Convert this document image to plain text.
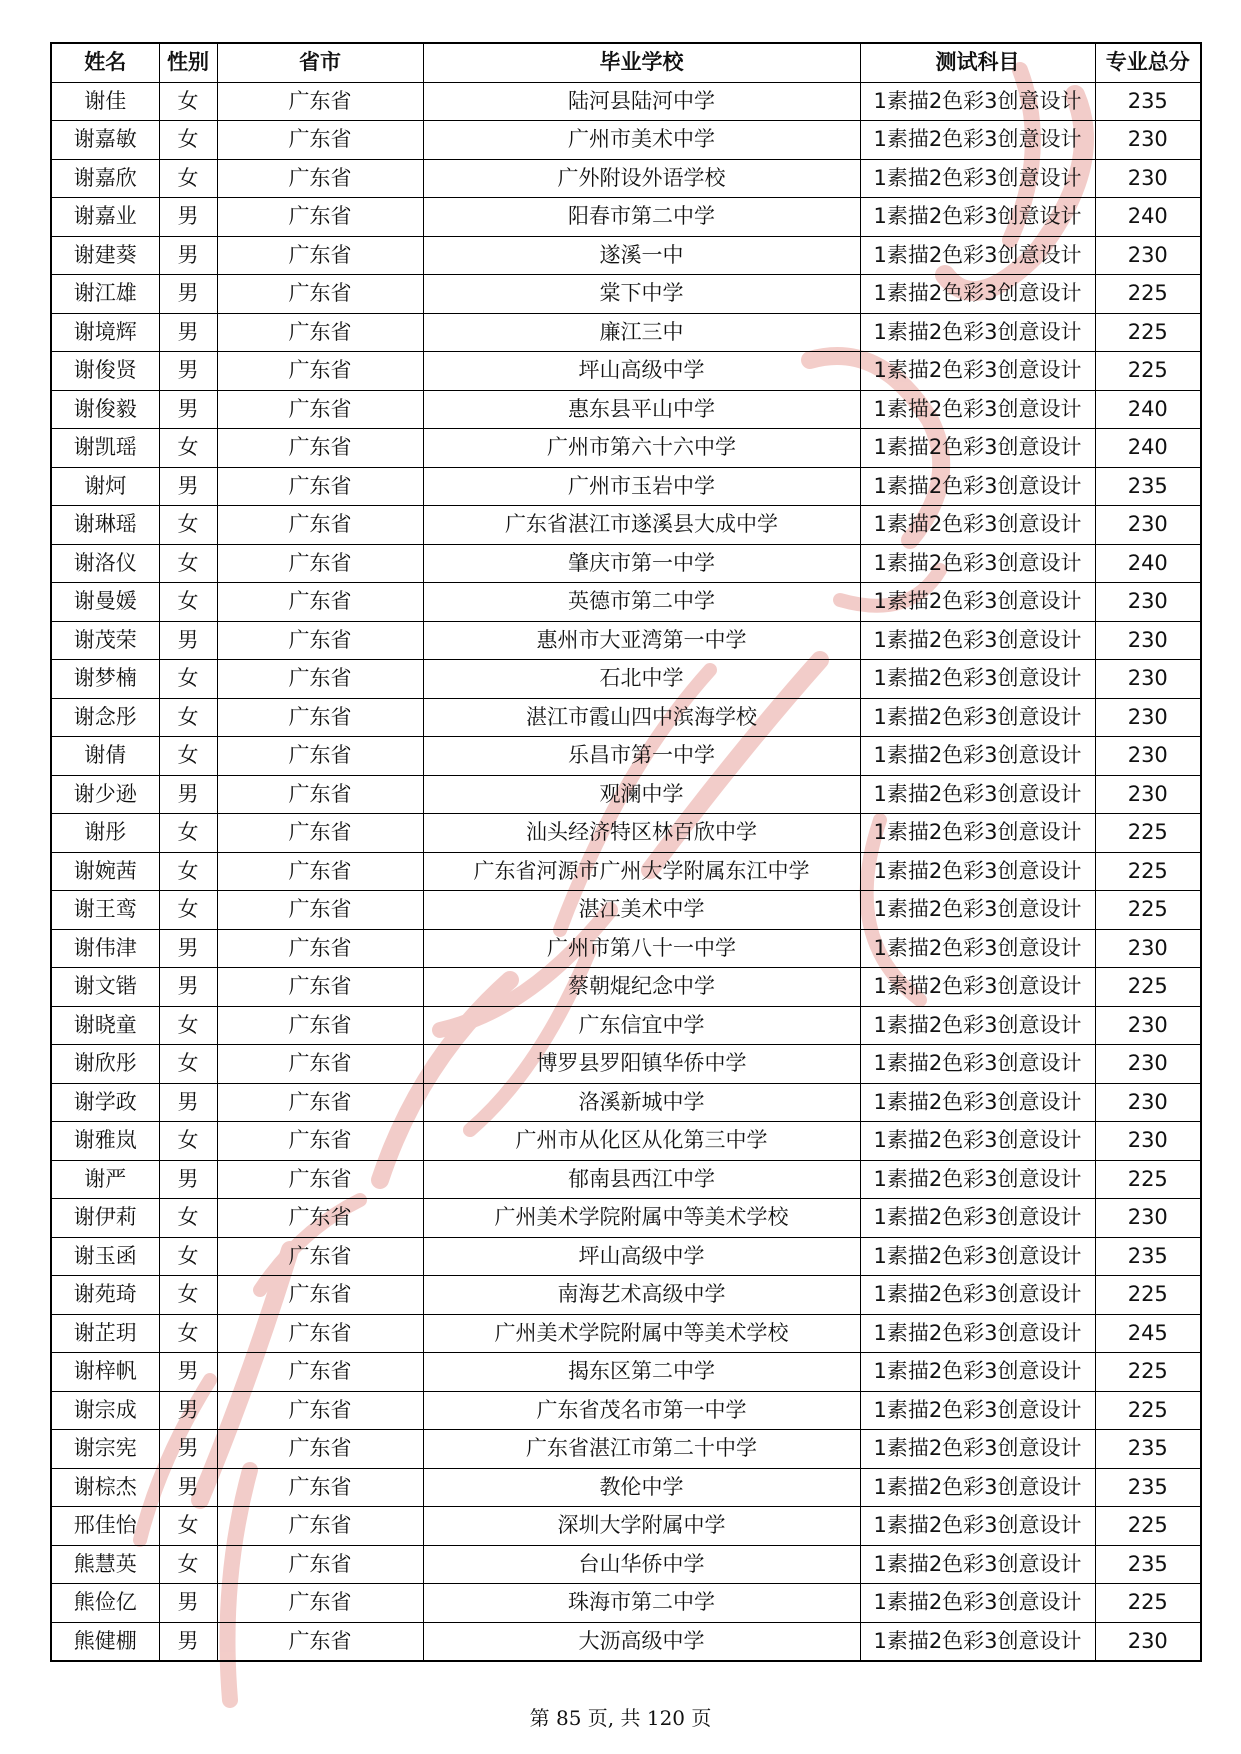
姓名	性别	省市	毕业学校	测试科目	专业总分
谢佳	女	广东省	陆河县陆河中学	1素描2色彩3创意设计	235
谢嘉敏	女	广东省	广州市美术中学	1素描2色彩3创意设计	230
谢嘉欣	女	广东省	广外附设外语学校	1素描2色彩3创意设计	230
谢嘉业	男	广东省	阳春市第二中学	1素描2色彩3创意设计	240
谢建葵	男	广东省	遂溪一中	1素描2色彩3创意设计	230
谢江雄	男	广东省	棠下中学	1素描2色彩3创意设计	225
谢境辉	男	广东省	廉江三中	1素描2色彩3创意设计	225
谢俊贤	男	广东省	坪山高级中学	1素描2色彩3创意设计	225
谢俊毅	男	广东省	惠东县平山中学	1素描2色彩3创意设计	240
谢凯瑶	女	广东省	广州市第六十六中学	1素描2色彩3创意设计	240
谢炣	男	广东省	广州市玉岩中学	1素描2色彩3创意设计	235
谢琳瑶	女	广东省	广东省湛江市遂溪县大成中学	1素描2色彩3创意设计	230
谢洛仪	女	广东省	肇庆市第一中学	1素描2色彩3创意设计	240
谢曼媛	女	广东省	英德市第二中学	1素描2色彩3创意设计	230
谢茂荣	男	广东省	惠州市大亚湾第一中学	1素描2色彩3创意设计	230
谢梦楠	女	广东省	石北中学	1素描2色彩3创意设计	230
谢念彤	女	广东省	湛江市霞山四中滨海学校	1素描2色彩3创意设计	230
谢倩	女	广东省	乐昌市第一中学	1素描2色彩3创意设计	230
谢少逊	男	广东省	观澜中学	1素描2色彩3创意设计	230
谢彤	女	广东省	汕头经济特区林百欣中学	1素描2色彩3创意设计	225
谢婉茜	女	广东省	广东省河源市广州大学附属东江中学	1素描2色彩3创意设计	225
谢王鸾	女	广东省	湛江美术中学	1素描2色彩3创意设计	225
谢伟津	男	广东省	广州市第八十一中学	1素描2色彩3创意设计	230
谢文锴	男	广东省	蔡朝焜纪念中学	1素描2色彩3创意设计	225
谢晓童	女	广东省	广东信宜中学	1素描2色彩3创意设计	230
谢欣彤	女	广东省	博罗县罗阳镇华侨中学	1素描2色彩3创意设计	230
谢学政	男	广东省	洛溪新城中学	1素描2色彩3创意设计	230
谢雅岚	女	广东省	广州市从化区从化第三中学	1素描2色彩3创意设计	230
谢严	男	广东省	郁南县西江中学	1素描2色彩3创意设计	225
谢伊莉	女	广东省	广州美术学院附属中等美术学校	1素描2色彩3创意设计	230
谢玉函	女	广东省	坪山高级中学	1素描2色彩3创意设计	235
谢苑琦	女	广东省	南海艺术高级中学	1素描2色彩3创意设计	225
谢芷玥	女	广东省	广州美术学院附属中等美术学校	1素描2色彩3创意设计	245
谢梓帆	男	广东省	揭东区第二中学	1素描2色彩3创意设计	225
谢宗成	男	广东省	广东省茂名市第一中学	1素描2色彩3创意设计	225
谢宗宪	男	广东省	广东省湛江市第二十中学	1素描2色彩3创意设计	235
谢棕杰	男	广东省	教伦中学	1素描2色彩3创意设计	235
邢佳怡	女	广东省	深圳大学附属中学	1素描2色彩3创意设计	225
熊慧英	女	广东省	台山华侨中学	1素描2色彩3创意设计	235
熊俭亿	男	广东省	珠海市第二中学	1素描2色彩3创意设计	225
熊健棚	男	广东省	大沥高级中学	1素描2色彩3创意设计	230
第 85 页, 共 120 页
